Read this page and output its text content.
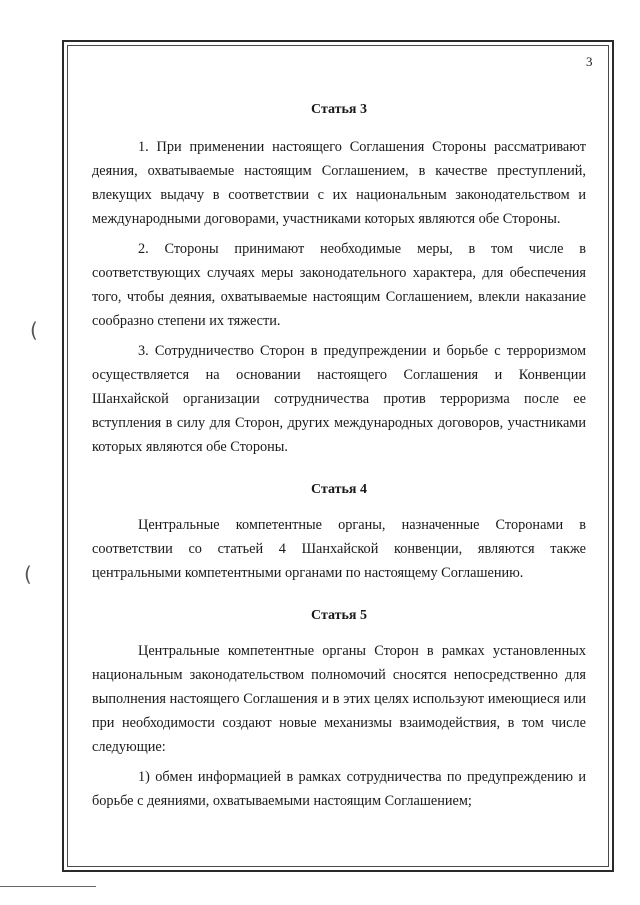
3
(
(
Статья 3

1. При применении настоящего Соглашения Стороны рассматривают деяния, охватываемые настоящим Соглашением, в качестве преступлений, влекущих выдачу в соответствии с их национальным законодательством и международными договорами, участниками которых являются обе Стороны.

2. Стороны принимают необходимые меры, в том числе в соответствующих случаях меры законодательного характера, для обеспечения того, чтобы деяния, охватываемые настоящим Соглашением, влекли наказание сообразно степени их тяжести.

3. Сотрудничество Сторон в предупреждении и борьбе с терроризмом осуществляется на основании настоящего Соглашения и Конвенции Шанхайской организации сотрудничества против терроризма после ее вступления в силу для Сторон, других международных договоров, участниками которых являются обе Стороны.

Статья 4

Центральные компетентные органы, назначенные Сторонами в соответствии со статьей 4 Шанхайской конвенции, являются также центральными компетентными органами по настоящему Соглашению.

Статья 5

Центральные компетентные органы Сторон в рамках установленных национальным законодательством полномочий сносятся непосредственно для выполнения настоящего Соглашения и в этих целях используют имеющиеся или при необходимости создают новые механизмы взаимодействия, в том числе следующие:

1) обмен информацией в рамках сотрудничества по предупреждению и борьбе с деяниями, охватываемыми настоящим Соглашением;
